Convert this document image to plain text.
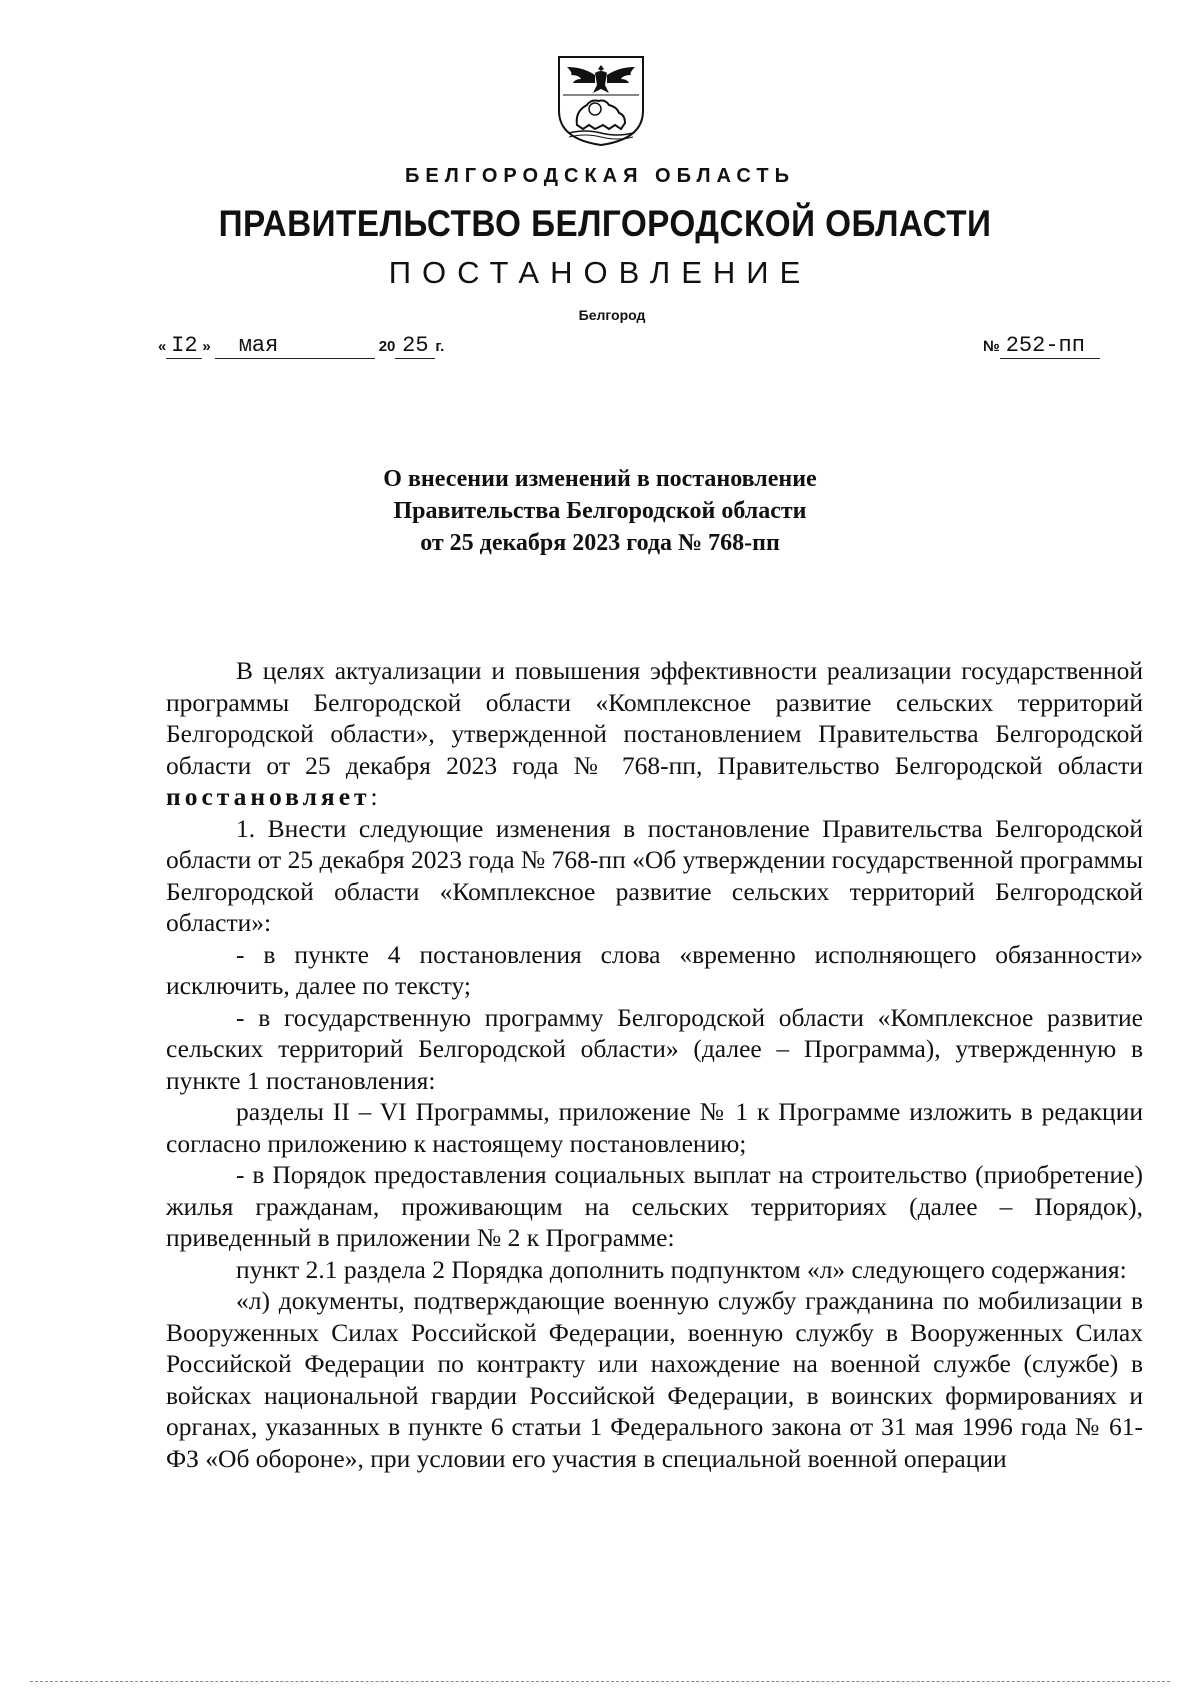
БЕЛГОРОДСКАЯ ОБЛАСТЬ
ПРАВИТЕЛЬСТВО БЕЛГОРОДСКОЙ ОБЛАСТИ
ПОСТАНОВЛЕНИЕ
Белгород
« I2 » мая	20 25 г.	№ 252-пп
О внесении изменений в постановление
Правительства Белгородской области
от 25 декабря 2023 года № 768-пп

В целях актуализации и повышения эффективности реализации государственной программы Белгородской области «Комплексное развитие сельских территорий Белгородской области», утвержденной постановлением Правительства Белгородской области от 25 декабря 2023 года № 768-пп, Правительство Белгородской области постановляет:

1. Внести следующие изменения в постановление Правительства Белгородской области от 25 декабря 2023 года № 768-пп «Об утверждении государственной программы Белгородской области «Комплексное развитие сельских территорий Белгородской области»:

- в пункте 4 постановления слова «временно исполняющего обязанности» исключить, далее по тексту;

- в государственную программу Белгородской области «Комплексное развитие сельских территорий Белгородской области» (далее – Программа), утвержденную в пункте 1 постановления:

разделы II – VI Программы, приложение № 1 к Программе изложить в редакции согласно приложению к настоящему постановлению;

- в Порядок предоставления социальных выплат на строительство (приобретение) жилья гражданам, проживающим на сельских территориях (далее – Порядок), приведенный в приложении № 2 к Программе:

пункт 2.1 раздела 2 Порядка дополнить подпунктом «л» следующего содержания:

«л) документы, подтверждающие военную службу гражданина по мобилизации в Вооруженных Силах Российской Федерации, военную службу в Вооруженных Силах Российской Федерации по контракту или нахождение на военной службе (службе) в войсках национальной гвардии Российской Федерации, в воинских формированиях и органах, указанных в пункте 6 статьи 1 Федерального закона от 31 мая 1996 года № 61-ФЗ «Об обороне», при условии его участия в специальной военной операции
